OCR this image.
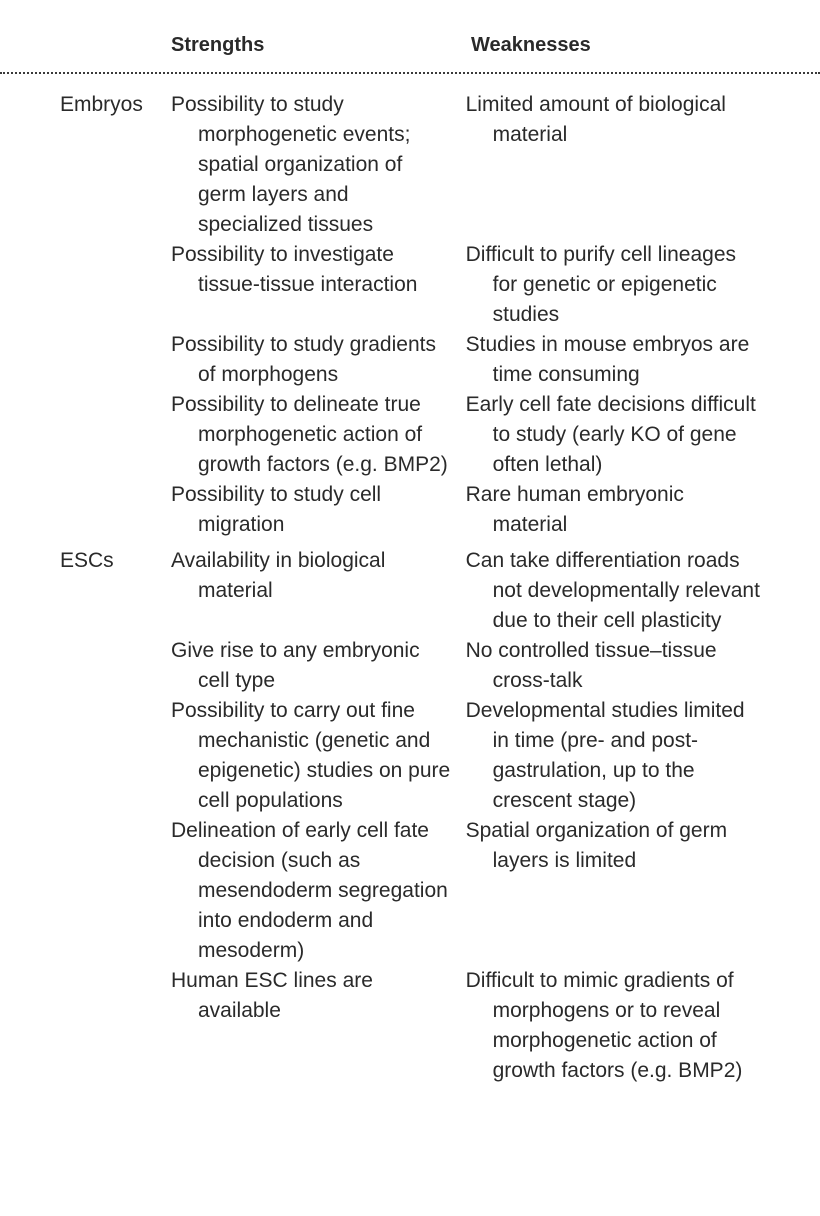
Strengths	Weaknesses
Embryos Possibility to study morphogenetic events; spatial organization of germ layers and specialized tissues
Limited amount of biological material
Possibility to investigate tissue-tissue interaction
Difficult to purify cell lineages for genetic or epigenetic studies
Possibility to study gradients of morphogens
Studies in mouse embryos are time consuming
Possibility to delineate true morphogenetic action of growth factors (e.g. BMP2)
Early cell fate decisions difficult to study (early KO of gene often lethal)
Possibility to study cell migration
Rare human embryonic material
ESCs	Availability in biological material
Can take differentiation roads not developmentally relevant due to their cell plasticity
Give rise to any embryonic cell type
No controlled tissue–tissue cross-talk
Possibility to carry out fine mechanistic (genetic and epigenetic) studies on pure cell populations
Developmental studies limited in time (pre- and post-gastrulation, up to the crescent stage)
Delineation of early cell fate decision (such as mesendoderm segregation into endoderm and mesoderm)
Spatial organization of germ layers is limited
Human ESC lines are available
Difficult to mimic gradients of morphogens or to reveal morphogenetic action of growth factors (e.g. BMP2)
